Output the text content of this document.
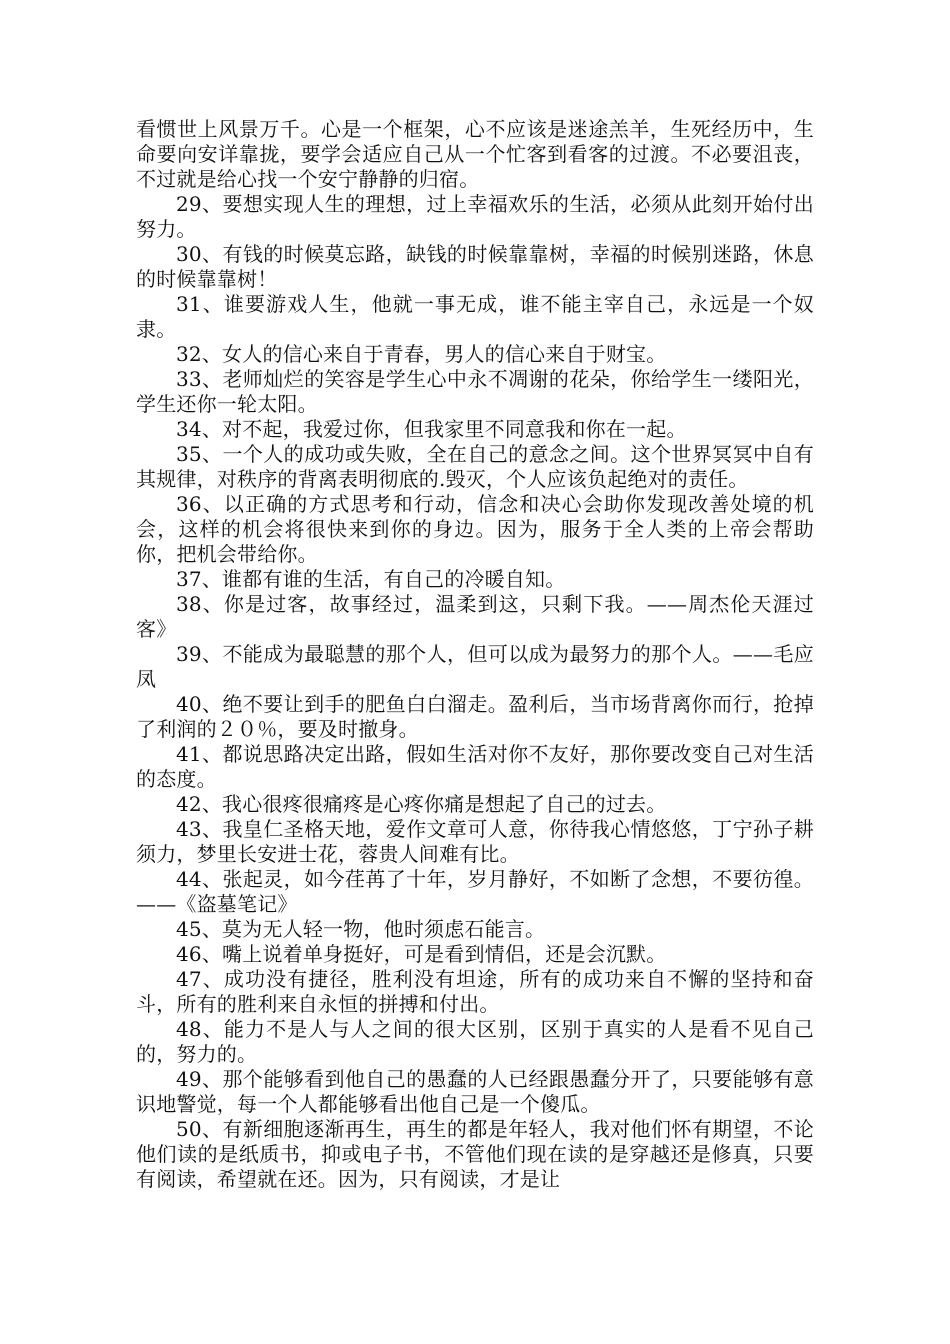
看惯世上风景万千。心是一个框架，心不应该是迷途羔羊，生死经历中，生命要向安详靠拢，要学会适应自己从一个忙客到看客的过渡。不必要沮丧，不过就是给心找一个安宁静静的归宿。

29、要想实现人生的理想，过上幸福欢乐的生活，必须从此刻开始付出努力。

30、有钱的时候莫忘路，缺钱的时候靠靠树，幸福的时候别迷路，休息的时候靠靠树！

31、谁要游戏人生，他就一事无成，谁不能主宰自己，永远是一个奴隶。

32、女人的信心来自于青春，男人的信心来自于财宝。

33、老师灿烂的笑容是学生心中永不凋谢的花朵，你给学生一缕阳光，学生还你一轮太阳。

34、对不起，我爱过你，但我家里不同意我和你在一起。

35、一个人的成功或失败，全在自己的意念之间。这个世界冥冥中自有其规律，对秩序的背离表明彻底的.毁灭，个人应该负起绝对的责任。

36、以正确的方式思考和行动，信念和决心会助你发现改善处境的机会，这样的机会将很快来到你的身边。因为，服务于全人类的上帝会帮助你，把机会带给你。

37、谁都有谁的生活，有自己的冷暖自知。

38、你是过客，故事经过，温柔到这，只剩下我。——周杰伦天涯过客》

39、不能成为最聪慧的那个人，但可以成为最努力的那个人。——毛应凤

40、绝不要让到手的肥鱼白白溜走。盈利后，当市场背离你而行，抢掉了利润的２０％，要及时撤身。

41、都说思路决定出路，假如生活对你不友好，那你要改变自己对生活的态度。

42、我心很疼很痛疼是心疼你痛是想起了自己的过去。

43、我皇仁圣格天地，爱作文章可人意，你待我心情悠悠，丁宁孙子耕须力，梦里长安进士花，蓉贵人间难有比。

44、张起灵，如今荏苒了十年，岁月静好，不如断了念想，不要彷徨。——《盗墓笔记》

45、莫为无人轻一物，他时须虑石能言。

46、嘴上说着单身挺好，可是看到情侣，还是会沉默。

47、成功没有捷径，胜利没有坦途，所有的成功来自不懈的坚持和奋斗，所有的胜利来自永恒的拼搏和付出。

48、能力不是人与人之间的很大区别，区别于真实的人是看不见自己的，努力的。

49、那个能够看到他自己的愚蠢的人已经跟愚蠢分开了，只要能够有意识地警觉，每一个人都能够看出他自己是一个傻瓜。

50、有新细胞逐渐再生，再生的都是年轻人，我对他们怀有期望，不论他们读的是纸质书，抑或电子书，不管他们现在读的是穿越还是修真，只要有阅读，希望就在还。因为，只有阅读，才是让
